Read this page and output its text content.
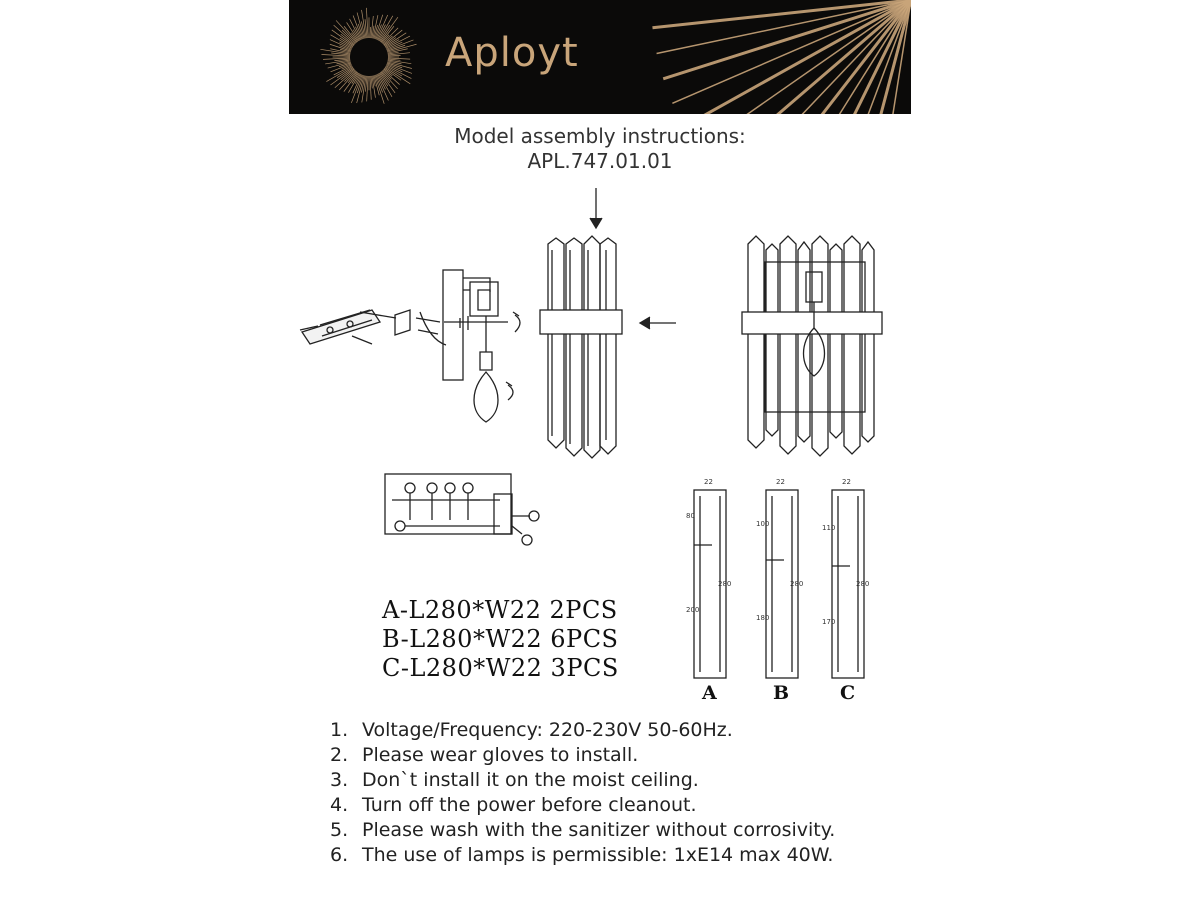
Aployt
Model assembly instructions:
APL.747.01.01
22
80
280
200
22
100
280
180
22
110
280
170
A	B	C
A-L280*W22 2PCS
B-L280*W22 6PCS
C-L280*W22 3PCS
1. Voltage/Frequency: 220-230V 50-60Hz.
2. Please wear gloves to install.
3. Don`t install it on the moist ceiling.
4. Turn off the power before cleanout.
5. Please wash with the sanitizer without corrosivity.
6. The use of lamps is permissible: 1xE14 max 40W.
